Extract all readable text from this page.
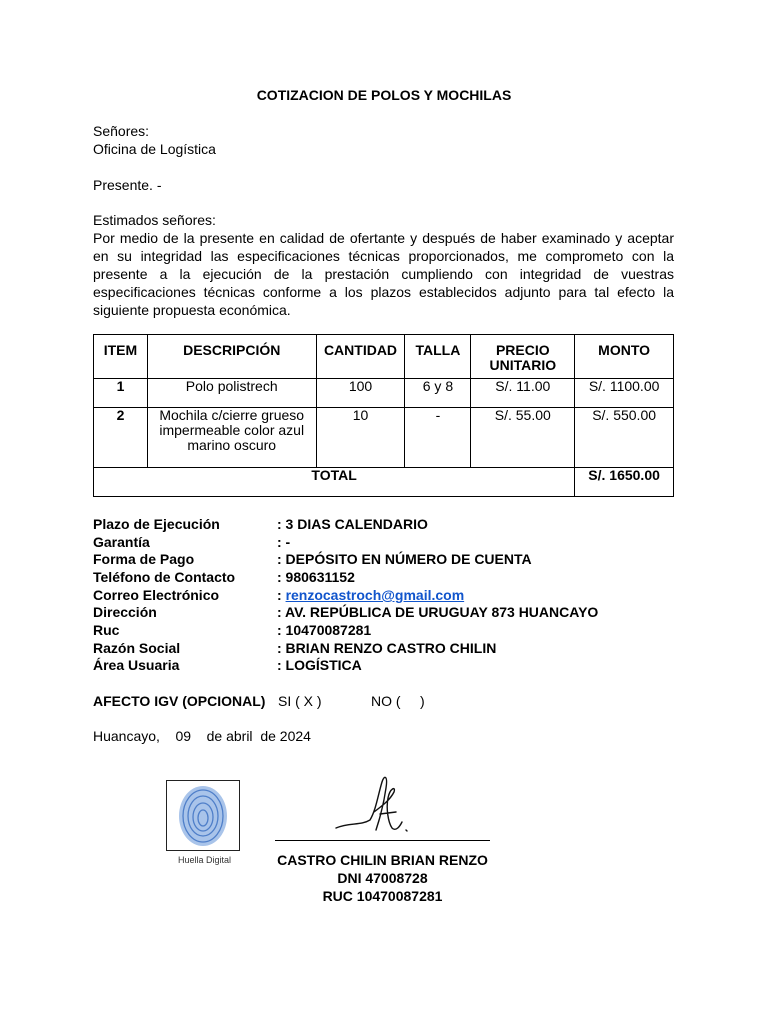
COTIZACION DE POLOS Y MOCHILAS
Señores:
Oficina de Logística
Presente. -
Estimados señores:
Por medio de la presente en calidad de ofertante y después de haber examinado y aceptar en su integridad las especificaciones técnicas proporcionados, me comprometo con la presente a la ejecución de la prestación cumpliendo con integridad de vuestras especificaciones técnicas conforme a los plazos establecidos adjunto para tal efecto la siguiente propuesta económica.
ITEM	DESCRIPCIÓN	CANTIDAD	TALLA	PRECIO UNITARIO	MONTO
1	Polo polistrech	100	6 y 8	S/. 11.00	S/. 1100.00
2	Mochila c/cierre grueso impermeable color azul marino oscuro	10	-	S/. 55.00	S/. 550.00
TOTAL					S/. 1650.00
Plazo de Ejecución	: 3 DIAS CALENDARIO
Garantía	: -
Forma de Pago	: DEPÓSITO EN NÚMERO DE CUENTA
Teléfono de Contacto	: 980631152
Correo Electrónico	: renzocastroch@gmail.com
Dirección	: AV. REPÚBLICA DE URUGUAY 873 HUANCAYO
Ruc	: 10470087281
Razón Social	: BRIAN RENZO CASTRO CHILIN
Área Usuaria	: LOGÍSTICA
AFECTO IGV (OPCIONAL) SI ( X )	NO (     )
Huancayo,    09    de abril  de 2024
Huella Digital	CASTRO CHILIN BRIAN RENZO
DNI 47008728
RUC 10470087281
